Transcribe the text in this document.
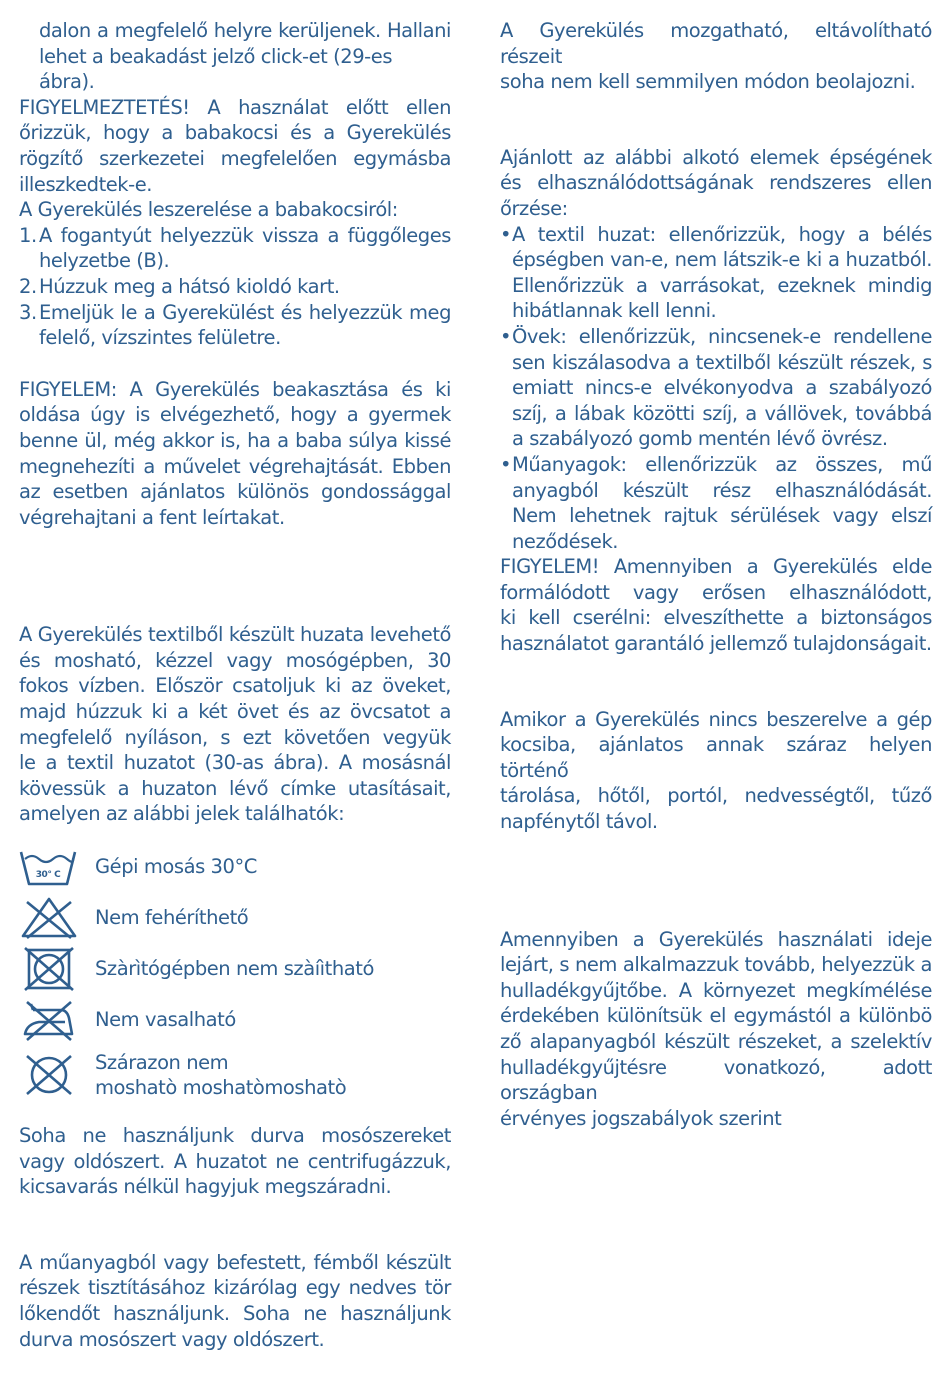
dalon a megfelelő helyre kerüljenek. Hallani

lehet a beakadást jelző click-et (29-es ábra).

FIGYELMEZTETÉS! A használat előtt ellen

őrizzük, hogy a babakocsi és a Gyerekülés

rögzítő szerkezetei megfelelően egymásba

illeszkedtek-e.

A Gyerekülés leszerelése a babakocsiról:

1. A fogantyút helyezzük vissza a függőleges

helyzetbe (B).

2. Húzzuk meg a hátsó kioldó kart.

3. Emeljük le a Gyerekülést és helyezzük meg

felelő, vízszintes felületre.

FIGYELEM: A Gyerekülés beakasztása és ki

oldása úgy is elvégezhető, hogy a gyermek

benne ül, még akkor is, ha a baba súlya kissé

megnehezíti a művelet végrehajtását. Ebben

az esetben ajánlatos különös gondossággal

végrehajtani a fent leírtakat.

A Gyerekülés textilből készült huzata levehető

és mosható, kézzel vagy mosógépben, 30

fokos vízben. Először csatoljuk ki az öveket,

majd húzzuk ki a két övet és az övcsatot a

megfelelő nyíláson, s ezt követően vegyük

le a textil huzatot (30-as ábra). A mosásnál

kövessük a huzaton lévő címke utasításait,

amelyen az alábbi jelek találhatók:

30° C Gépi mosás 30°C

Nem fehéríthető

Szàrìtógépben nem szàíìtható

Nem vasalható

Szárazon nem

moshatò moshatòmoshatò

Soha ne használjunk durva mosószereket

vagy oldószert. A huzatot ne centrifugázzuk,

kicsavarás nélkül hagyjuk megszáradni.

A műanyagból vagy befestett, fémből készült

részek tisztításához kizárólag egy nedves tör

lőkendőt használjunk. Soha ne használjunk

durva mosószert vagy oldószert.

A Gyerekülés mozgatható, eltávolítható részeit

soha nem kell semmilyen módon beolajozni.

Ajánlott az alábbi alkotó elemek épségének

és elhasználódottságának rendszeres ellen

őrzése:

• A textil huzat: ellenőrizzük, hogy a bélés

épségben van-e, nem látszik-e ki a huzatból.

Ellenőrizzük a varrásokat, ezeknek mindig

hibátlannak kell lenni.

• Övek: ellenőrizzük, nincsenek-e rendellene

sen kiszálasodva a textilből készült részek, s

emiatt nincs-e elvékonyodva a szabályozó

szíj, a lábak közötti szíj, a vállövek, továbbá

a szabályozó gomb mentén lévő övrész.

• Műanyagok: ellenőrizzük az összes, mű

anyagból készült rész elhasználódását.

Nem lehetnek rajtuk sérülések vagy elszí

neződések.

FIGYELEM! Amennyiben a Gyerekülés elde

formálódott vagy erősen elhasználódott,

ki kell cserélni: elveszíthette a biztonságos

használatot garantáló jellemző tulajdonságait.

Amikor a Gyerekülés nincs beszerelve a gép

kocsiba, ajánlatos annak száraz helyen történő

tárolása, hőtől, portól, nedvességtől, tűző

napfénytől távol.

Amennyiben a Gyerekülés használati ideje

lejárt, s nem alkalmazzuk tovább, helyezzük a

hulladékgyűjtőbe. A környezet megkímélése

érdekében különítsük el egymástól a különbö

ző alapanyagból készült részeket, a szelektív

hulladékgyűjtésre vonatkozó, adott országban

érvényes jogszabályok szerint
